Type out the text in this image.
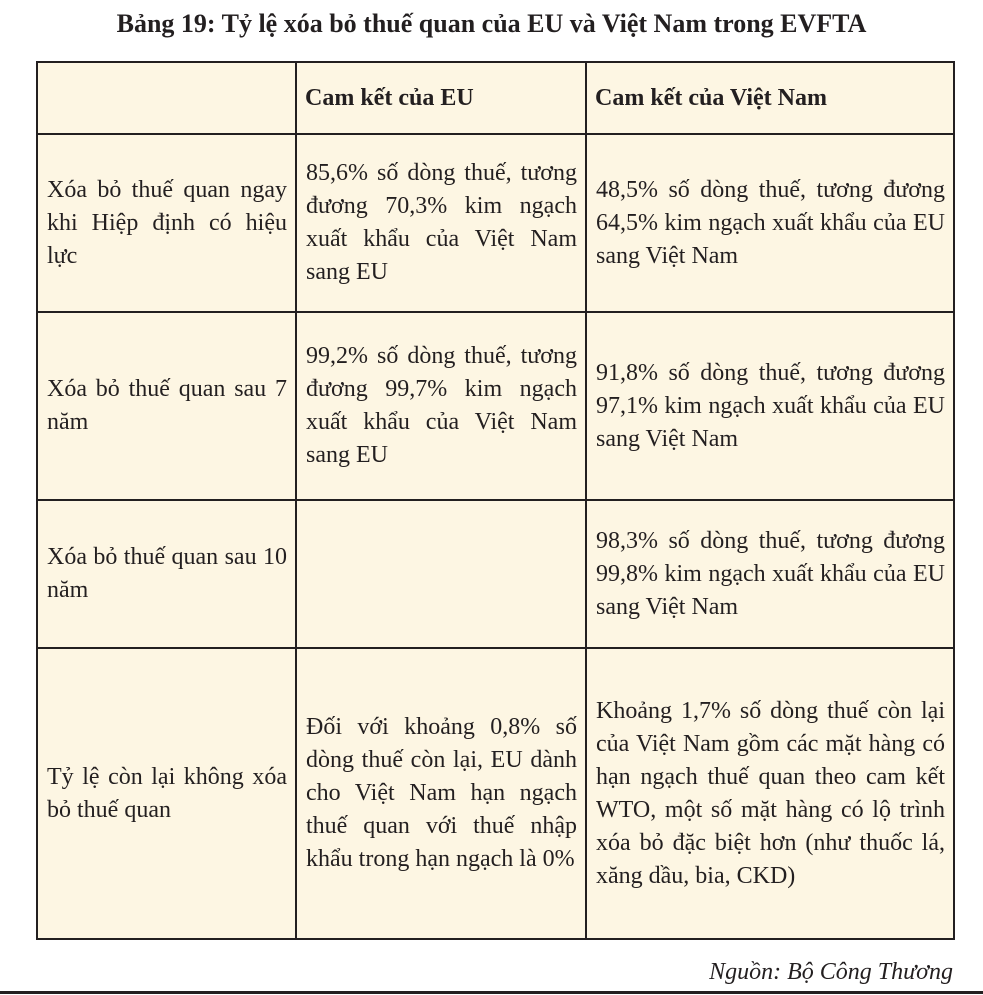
Bảng 19: Tỷ lệ xóa bỏ thuế quan của EU và Việt Nam trong EVFTA
	Cam kết của EU	Cam kết của Việt Nam
Xóa bỏ thuế quan ngay khi Hiệp định có hiệu lực	85,6% số dòng thuế, tương đương 70,3% kim ngạch xuất khẩu của Việt Nam sang EU	48,5% số dòng thuế, tương đương 64,5% kim ngạch xuất khẩu của EU sang Việt Nam
Xóa bỏ thuế quan sau 7 năm	99,2% số dòng thuế, tương đương 99,7% kim ngạch xuất khẩu của Việt Nam sang EU	91,8% số dòng thuế, tương đương 97,1% kim ngạch xuất khẩu của EU sang Việt Nam
Xóa bỏ thuế quan sau 10 năm		98,3% số dòng thuế, tương đương 99,8% kim ngạch xuất khẩu của EU sang Việt Nam
Tỷ lệ còn lại không xóa bỏ thuế quan	Đối với khoảng 0,8% số dòng thuế còn lại, EU dành cho Việt Nam hạn ngạch thuế quan với thuế nhập khẩu trong hạn ngạch là 0%	Khoảng 1,7% số dòng thuế còn lại của Việt Nam gồm các mặt hàng có hạn ngạch thuế quan theo cam kết WTO, một số mặt hàng có lộ trình xóa bỏ đặc biệt hơn (như thuốc lá, xăng dầu, bia, CKD)
Nguồn: Bộ Công Thương
